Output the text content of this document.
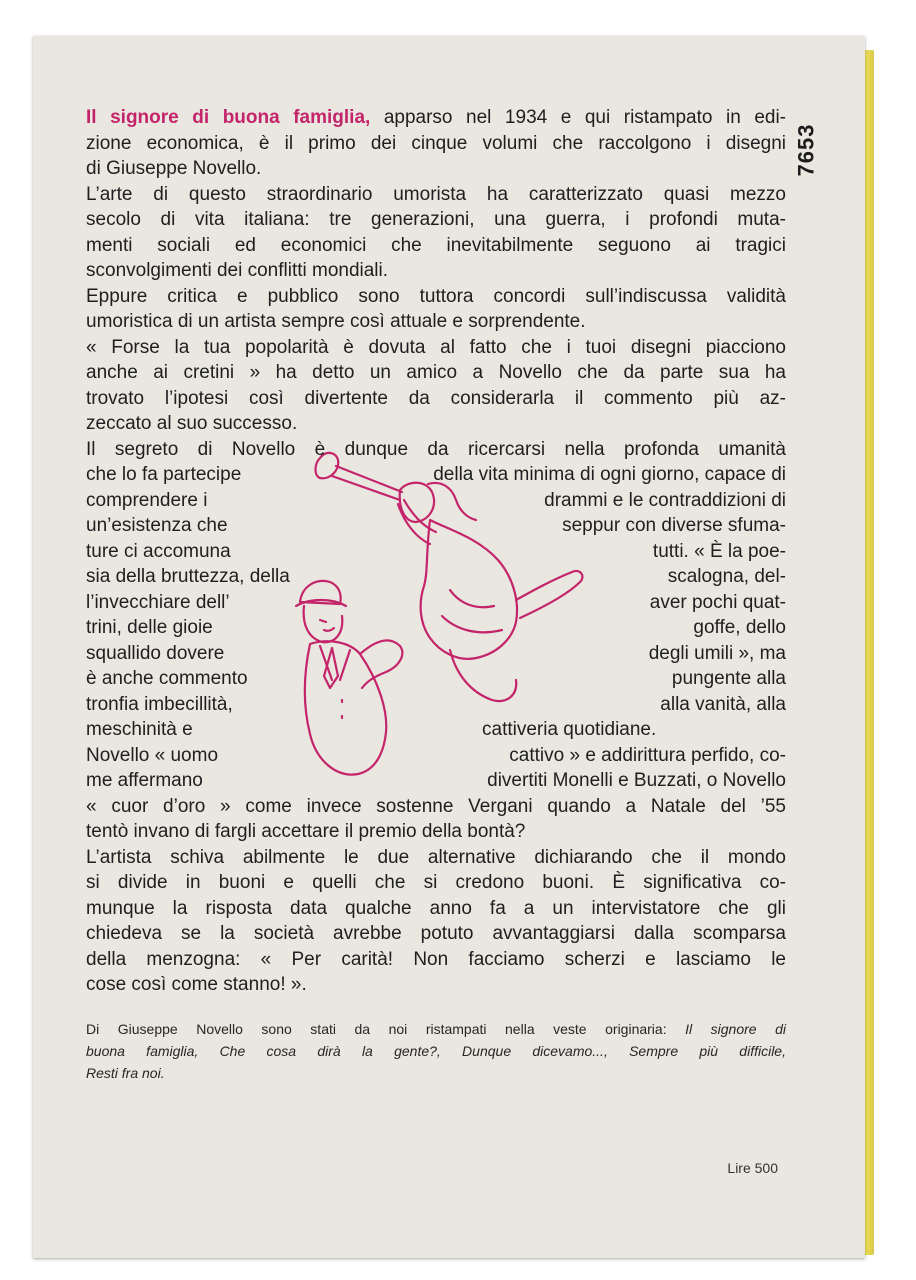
7653
Il signore di buona famiglia, apparso nel 1934 e qui ristampato in edi-
zione economica, è il primo dei cinque volumi che raccolgono i disegni
di Giuseppe Novello.
L’arte di questo straordinario umorista ha caratterizzato quasi mezzo
secolo di vita italiana: tre generazioni, una guerra, i profondi muta-
menti sociali ed economici che inevitabilmente seguono ai tragici
sconvolgimenti dei conflitti mondiali.
Eppure critica e pubblico sono tuttora concordi sull’indiscussa validità
umoristica di un artista sempre così attuale e sorprendente.
« Forse la tua popolarità è dovuta al fatto che i tuoi disegni piacciono
anche ai cretini » ha detto un amico a Novello che da parte sua ha
trovato l’ipotesi così divertente da considerarla il commento più az-
zeccato al suo successo.
Il segreto di Novello è dunque da ricercarsi nella profonda umanità
che lo fa partecipe
comprendere i
un’esistenza che
ture ci accomuna
sia della bruttezza, della
l’invecchiare dell’
trini, delle gioie
squallido dovere
è anche commento
tronfia imbecillità,
meschinità e
Novello « uomo
me affermano
della vita minima di ogni giorno, capace di
drammi e le contraddizioni di
seppur con diverse sfuma-
tutti. « È la poe-
scalogna, del-
aver pochi quat-
goffe, dello
degli umili », ma
pungente alla
alla vanità, alla
cattiveria quotidiane.
cattivo » e addirittura perfido, co-
divertiti Monelli e Buzzati, o Novello
« cuor d’oro » come invece sostenne Vergani quando a Natale del ’55
tentò invano di fargli accettare il premio della bontà?
L’artista schiva abilmente le due alternative dichiarando che il mondo
si divide in buoni e quelli che si credono buoni. È significativa co-
munque la risposta data qualche anno fa a un intervistatore che gli
chiedeva se la società avrebbe potuto avvantaggiarsi dalla scomparsa
della menzogna: « Per carità! Non facciamo scherzi e lasciamo le
cose così come stanno! ».
Di Giuseppe Novello sono stati da noi ristampati nella veste originaria: Il signore di
buona famiglia, Che cosa dirà la gente?, Dunque dicevamo..., Sempre più difficile,
Resti fra noi.
Lire 500
